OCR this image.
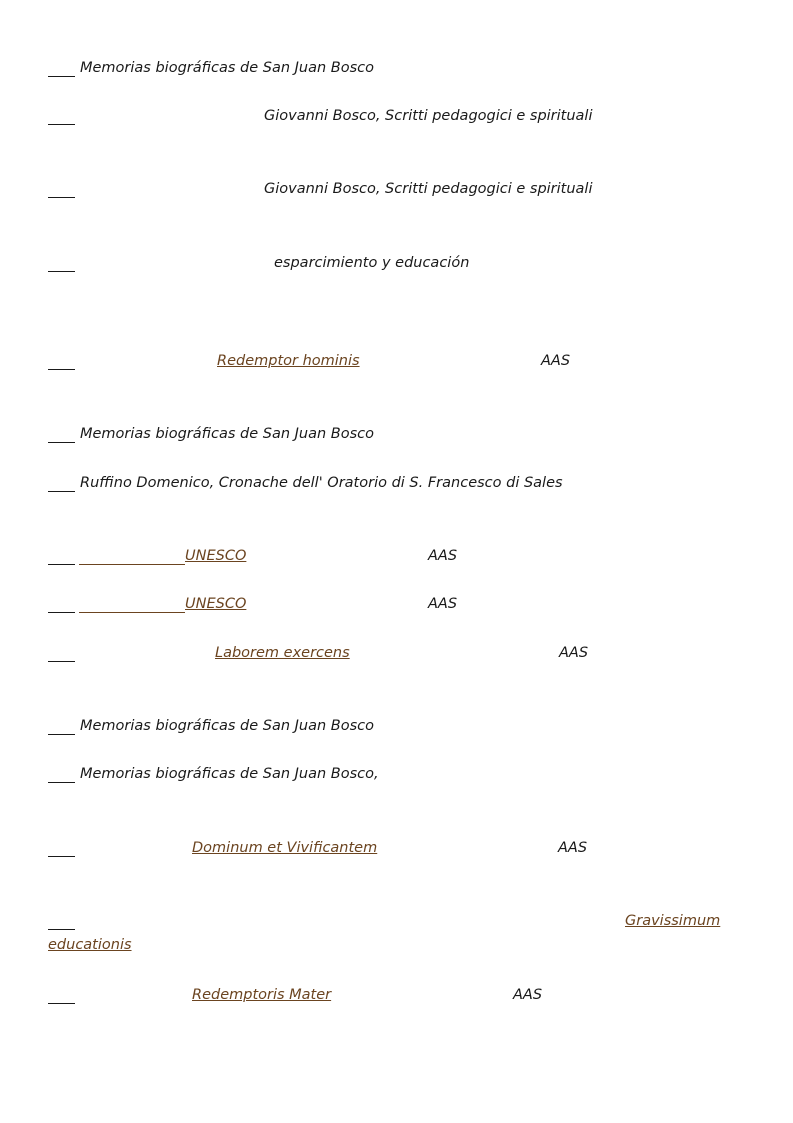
Memorias biográficas de San Juan Bosco
Giovanni Bosco, Scritti pedagogici e spirituali
Giovanni Bosco, Scritti pedagogici e spirituali
esparcimiento y educación
Redemptor hominis	AAS
Memorias biográficas de San Juan Bosco
Ruffino Domenico, Cronache dell' Oratorio di S. Francesco di Sales
UNESCO	AAS
UNESCO	AAS
Laborem exercens	AAS
Memorias biográficas de San Juan Bosco
Memorias biográficas de San Juan Bosco,
Dominum et Vivificantem	AAS
Gravissimum
educationis
Redemptoris Mater	AAS
